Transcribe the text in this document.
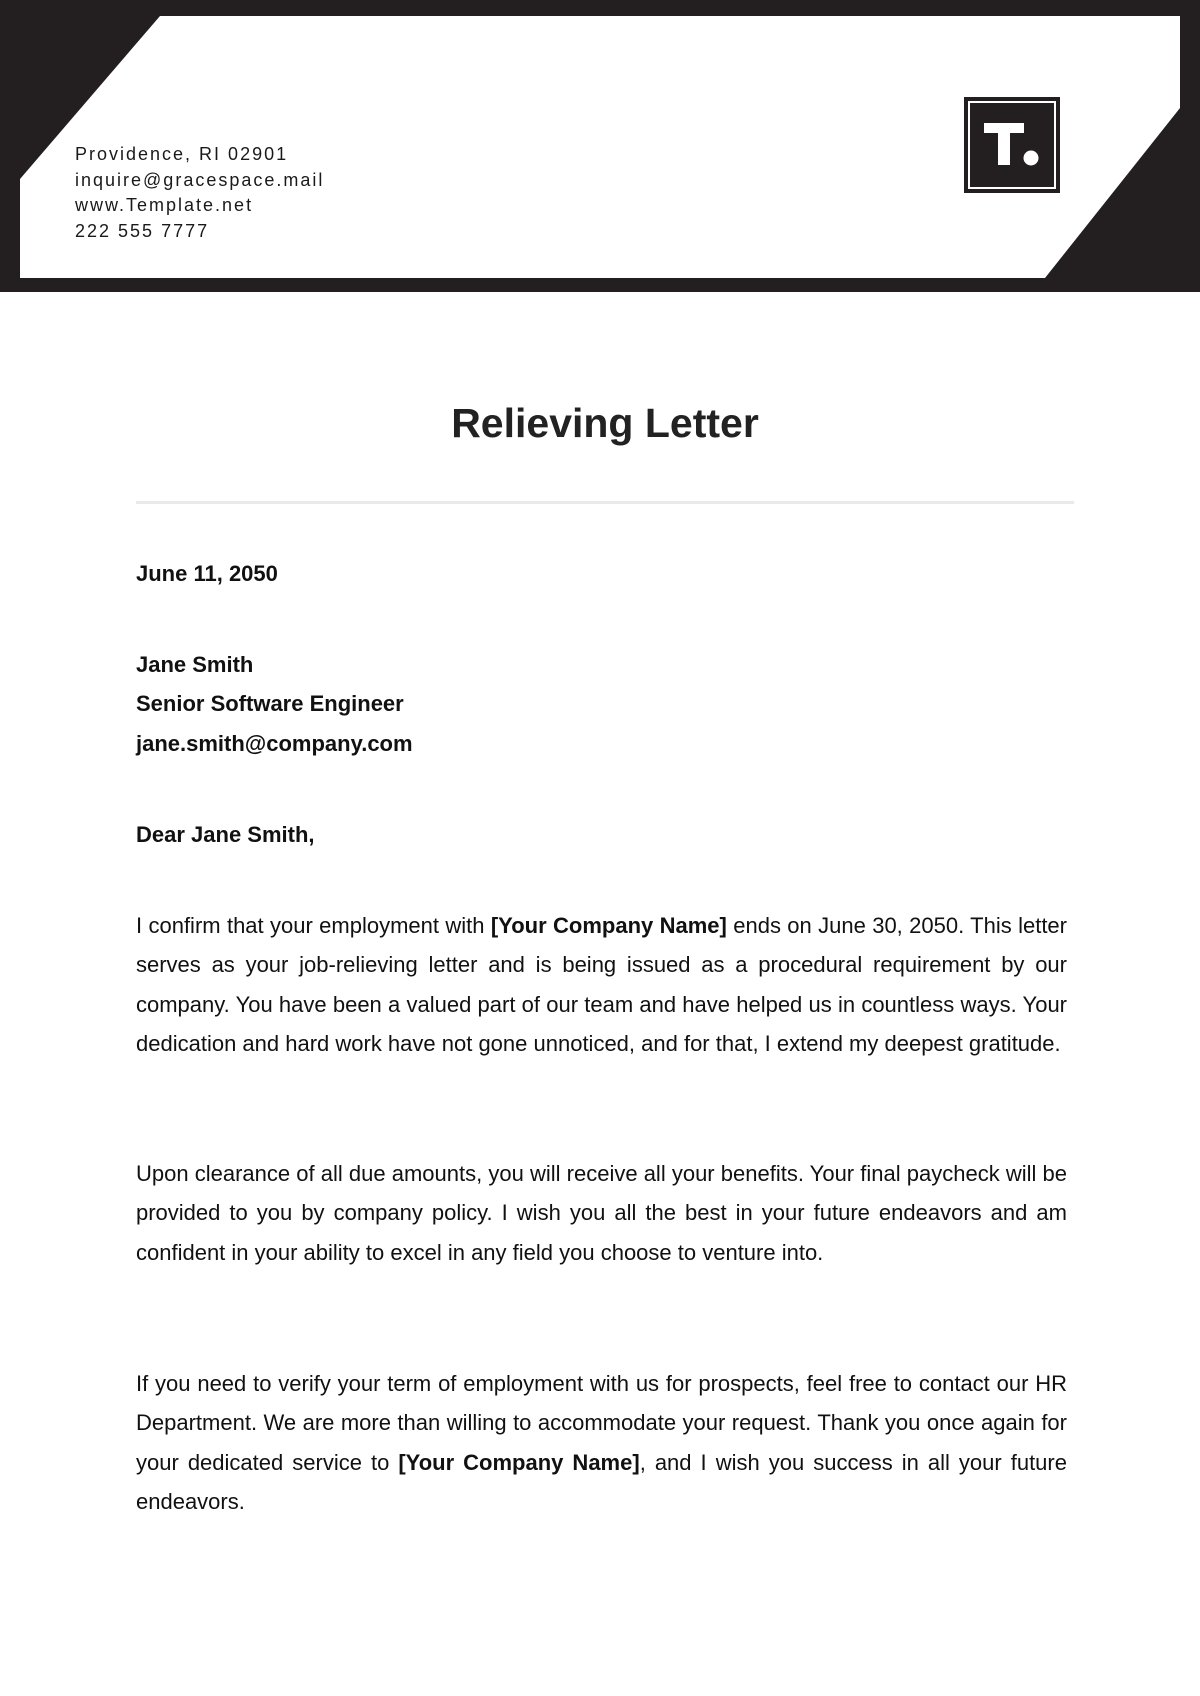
Providence, RI 02901
inquire@gracespace.mail
www.Template.net
222 555 7777
Relieving Letter
June 11, 2050
Jane Smith
Senior Software Engineer
jane.smith@company.com
Dear Jane Smith,
I confirm that your employment with [Your Company Name] ends on June 30, 2050. This letter serves as your job-relieving letter and is being issued as a procedural requirement by our company. You have been a valued part of our team and have helped us in countless ways. Your dedication and hard work have not gone unnoticed, and for that, I extend my deepest gratitude.
Upon clearance of all due amounts, you will receive all your benefits. Your final paycheck will be provided to you by company policy. I wish you all the best in your future endeavors and am confident in your ability to excel in any field you choose to venture into.
If you need to verify your term of employment with us for prospects, feel free to contact our HR Department. We are more than willing to accommodate your request. Thank you once again for your dedicated service to [Your Company Name], and I wish you success in all your future endeavors.
